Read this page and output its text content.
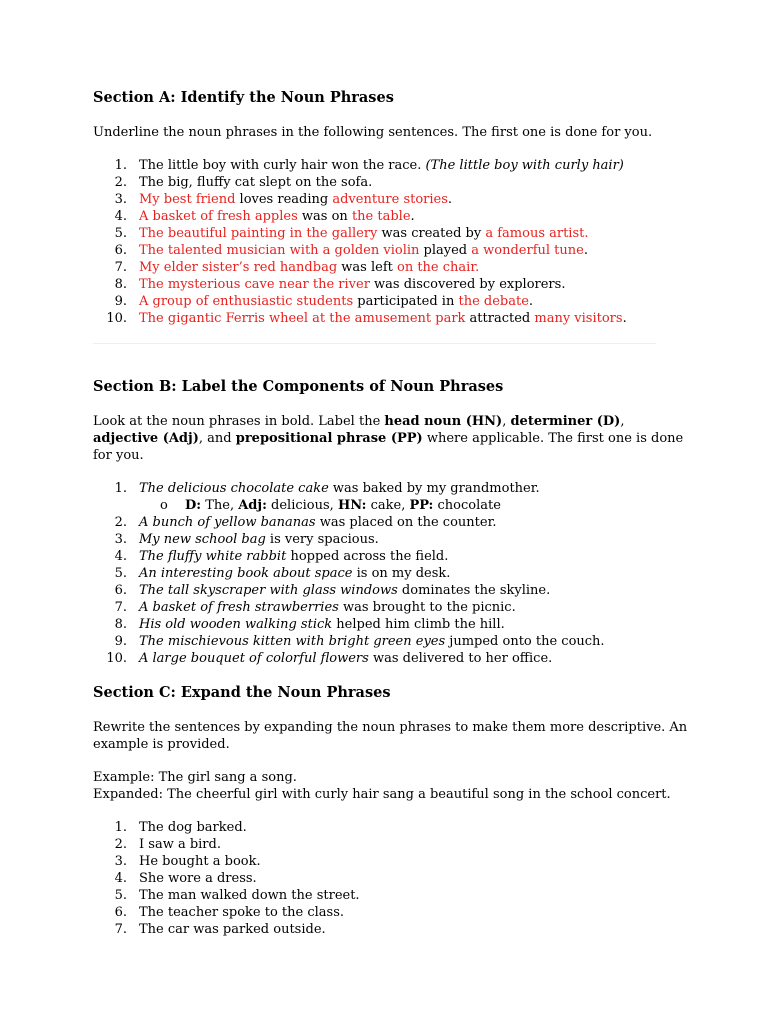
Section A: Identify the Noun Phrases

Underline the noun phrases in the following sentences. The first one is done for you.

1. The little boy with curly hair won the race. (The little boy with curly hair)
2. The big, fluffy cat slept on the sofa.
3. My best friend loves reading adventure stories.
4. A basket of fresh apples was on the table.
5. The beautiful painting in the gallery was created by a famous artist.
6. The talented musician with a golden violin played a wonderful tune.
7. My elder sister’s red handbag was left on the chair.
8. The mysterious cave near the river was discovered by explorers.
9. A group of enthusiastic students participated in the debate.
10. The gigantic Ferris wheel at the amusement park attracted many visitors.
Section B: Label the Components of Noun Phrases

Look at the noun phrases in bold. Label the head noun (HN), determiner (D), adjective (Adj), and prepositional phrase (PP) where applicable. The first one is done for you.

1. The delicious chocolate cake was baked by my grandmother.
o D: The, Adj: delicious, HN: cake, PP: chocolate
2. A bunch of yellow bananas was placed on the counter.
3. My new school bag is very spacious.
4. The fluffy white rabbit hopped across the field.
5. An interesting book about space is on my desk.
6. The tall skyscraper with glass windows dominates the skyline.
7. A basket of fresh strawberries was brought to the picnic.
8. His old wooden walking stick helped him climb the hill.
9. The mischievous kitten with bright green eyes jumped onto the couch.
10. A large bouquet of colorful flowers was delivered to her office.
Section C: Expand the Noun Phrases

Rewrite the sentences by expanding the noun phrases to make them more descriptive. An example is provided.

Example: The girl sang a song.

Expanded: The cheerful girl with curly hair sang a beautiful song in the school concert.

1. The dog barked.
2. I saw a bird.
3. He bought a book.
4. She wore a dress.
5. The man walked down the street.
6. The teacher spoke to the class.
7. The car was parked outside.
